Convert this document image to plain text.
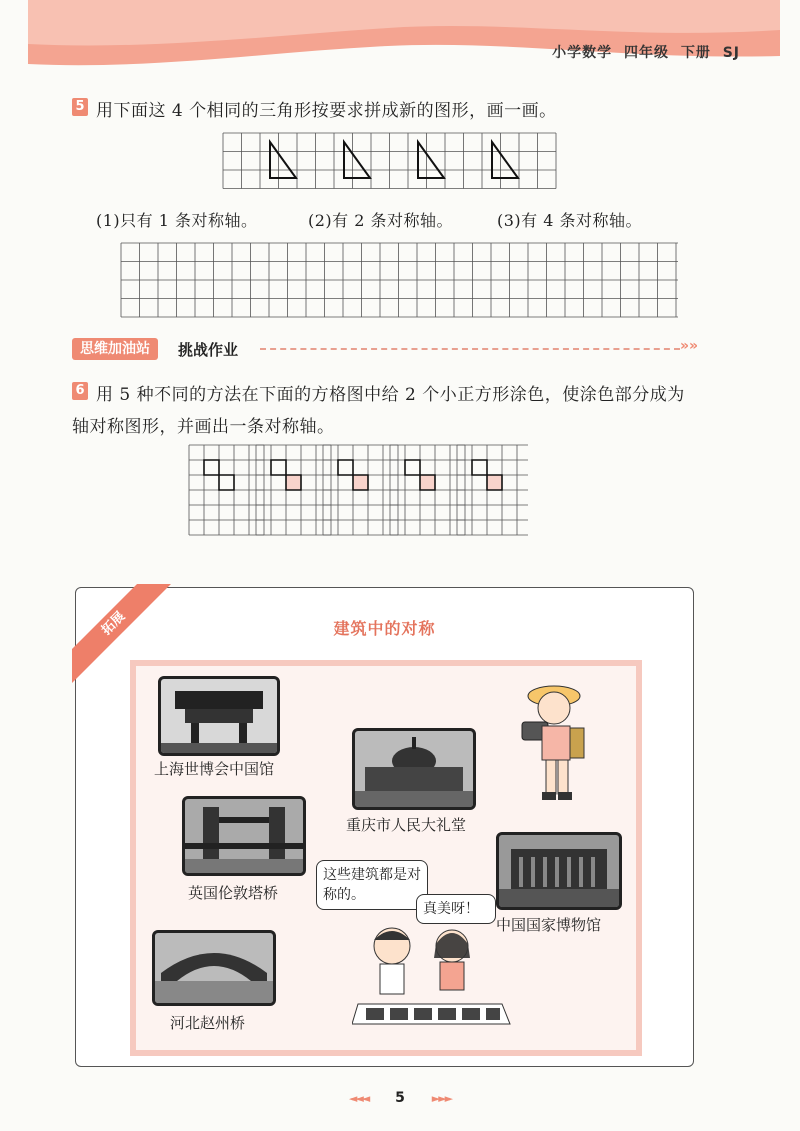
小学数学 四年级 下册 SJ
5 用下面这 4 个相同的三角形按要求拼成新的图形，画一画。
(1)只有 1 条对称轴。	(2)有 2 条对称轴。	(3)有 4 条对称轴。
思维加油站	挑战作业	»»
6 用 5 种不同的方法在下面的方格图中给 2 个小正方形涂色，使涂色部分成为
轴对称图形，并画出一条对称轴。
拓展	建筑中的对称
上海世博会中国馆
重庆市人民大礼堂
英国伦敦塔桥
中国国家博物馆
河北赵州桥
这些建筑都是对称的。
真美呀！
◄◄◄ 5 ►►►
